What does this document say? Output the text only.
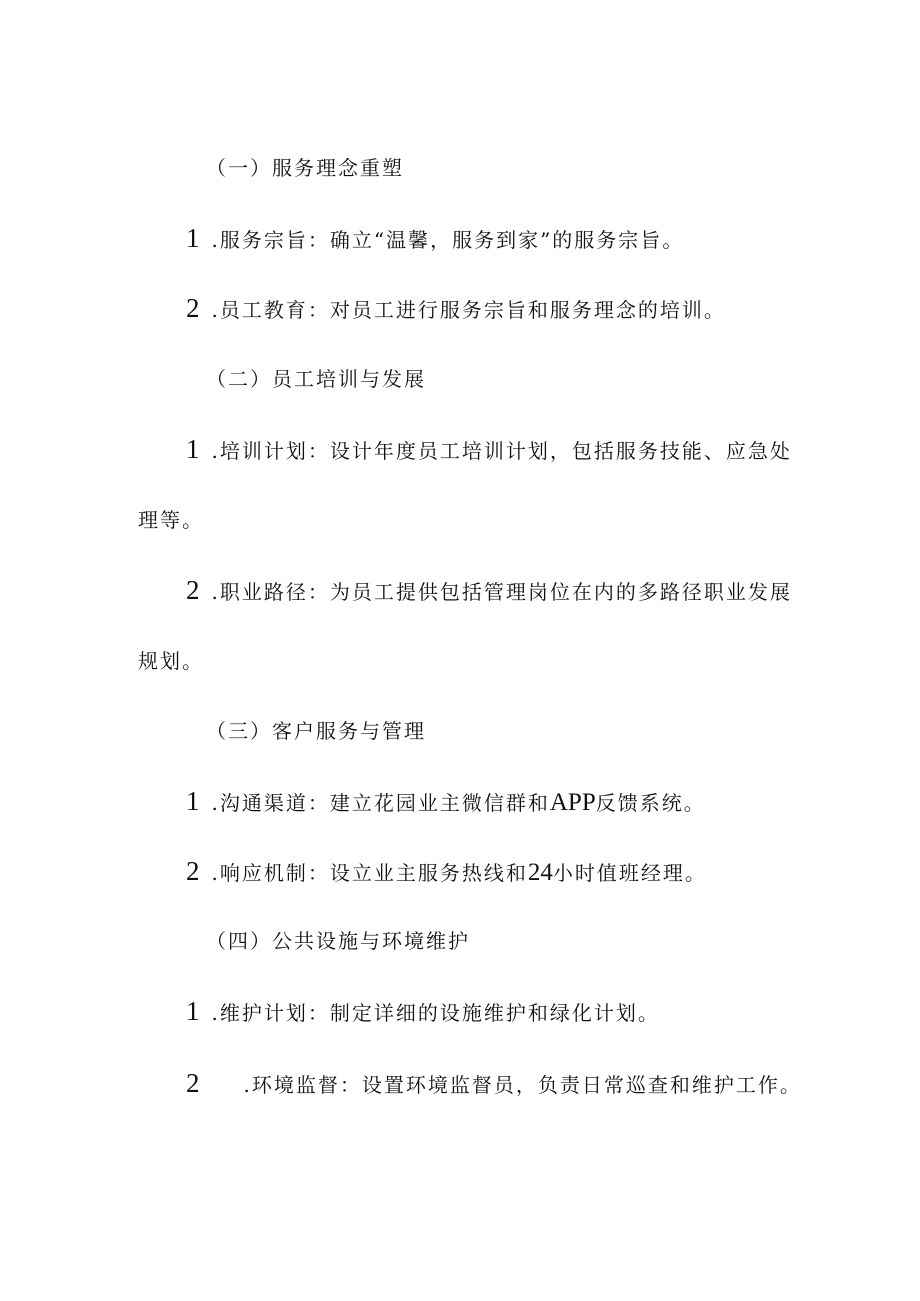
（一）服务理念重塑
1 .服务宗旨：确立“温馨，服务到家”的服务宗旨。
2 .员工教育：对员工进行服务宗旨和服务理念的培训。
（二）员工培训与发展
1 .培训计划：设计年度员工培训计划，包括服务技能、应急处
理等。
2 .职业路径：为员工提供包括管理岗位在内的多路径职业发展
规划。
（三）客户服务与管理
1 .沟通渠道：建立花园业主微信群和APP反馈系统。
2 .响应机制：设立业主服务热线和24小时值班经理。
（四）公共设施与环境维护
1 .维护计划：制定详细的设施维护和绿化计划。
2 .环境监督：设置环境监督员，负责日常巡查和维护工作。
